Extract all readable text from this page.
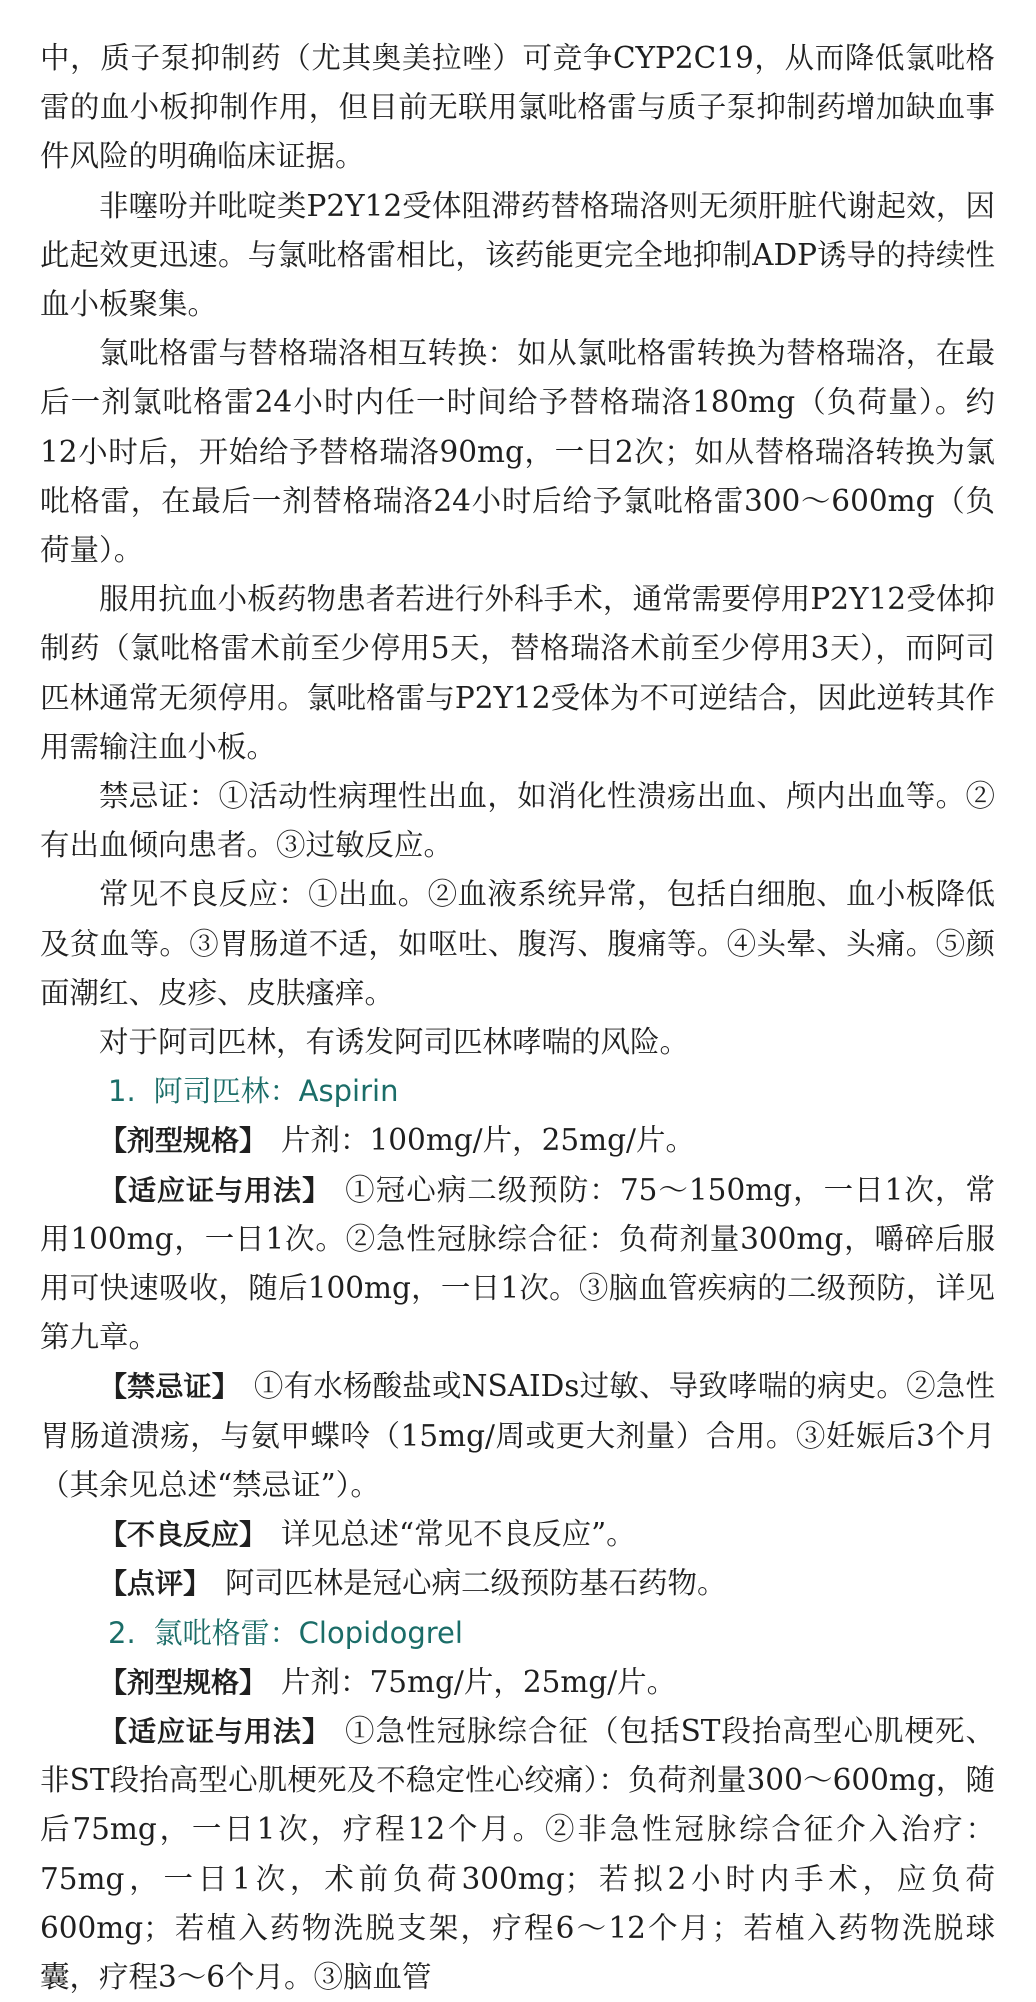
中，质子泵抑制药（尤其奥美拉唑）可竞争CYP2C19，从而降低氯吡格雷的血小板抑制作用，但目前无联用氯吡格雷与质子泵抑制药增加缺血事件风险的明确临床证据。

非噻吩并吡啶类P2Y12受体阻滞药替格瑞洛则无须肝脏代谢起效，因此起效更迅速。与氯吡格雷相比，该药能更完全地抑制ADP诱导的持续性血小板聚集。

氯吡格雷与替格瑞洛相互转换：如从氯吡格雷转换为替格瑞洛，在最后一剂氯吡格雷24小时内任一时间给予替格瑞洛180mg（负荷量）。约12小时后，开始给予替格瑞洛90mg，一日2次；如从替格瑞洛转换为氯吡格雷，在最后一剂替格瑞洛24小时后给予氯吡格雷300～600mg（负荷量）。

服用抗血小板药物患者若进行外科手术，通常需要停用P2Y12受体抑制药（氯吡格雷术前至少停用5天，替格瑞洛术前至少停用3天），而阿司匹林通常无须停用。氯吡格雷与P2Y12受体为不可逆结合，因此逆转其作用需输注血小板。

禁忌证：①活动性病理性出血，如消化性溃疡出血、颅内出血等。②有出血倾向患者。③过敏反应。

常见不良反应：①出血。②血液系统异常，包括白细胞、血小板降低及贫血等。③胃肠道不适，如呕吐、腹泻、腹痛等。④头晕、头痛。⑤颜面潮红、皮疹、皮肤瘙痒。

对于阿司匹林，有诱发阿司匹林哮喘的风险。

1. 阿司匹林：Aspirin

【剂型规格】 片剂：100mg/片，25mg/片。

【适应证与用法】 ①冠心病二级预防：75～150mg，一日1次，常用100mg，一日1次。②急性冠脉综合征：负荷剂量300mg，嚼碎后服用可快速吸收，随后100mg，一日1次。③脑血管疾病的二级预防，详见第九章。

【禁忌证】 ①有水杨酸盐或NSAIDs过敏、导致哮喘的病史。②急性胃肠道溃疡，与氨甲蝶呤（15mg/周或更大剂量）合用。③妊娠后3个月（其余见总述“禁忌证”）。

【不良反应】 详见总述“常见不良反应”。

【点评】 阿司匹林是冠心病二级预防基石药物。

2. 氯吡格雷：Clopidogrel

【剂型规格】 片剂：75mg/片，25mg/片。

【适应证与用法】 ①急性冠脉综合征（包括ST段抬高型心肌梗死、非ST段抬高型心肌梗死及不稳定性心绞痛）：负荷剂量300～600mg，随后75mg，一日1次，疗程12个月。②非急性冠脉综合征介入治疗：75mg，一日1次，术前负荷300mg；若拟2小时内手术，应负荷600mg；若植入药物洗脱支架，疗程6～12个月；若植入药物洗脱球囊，疗程3～6个月。③脑血管
